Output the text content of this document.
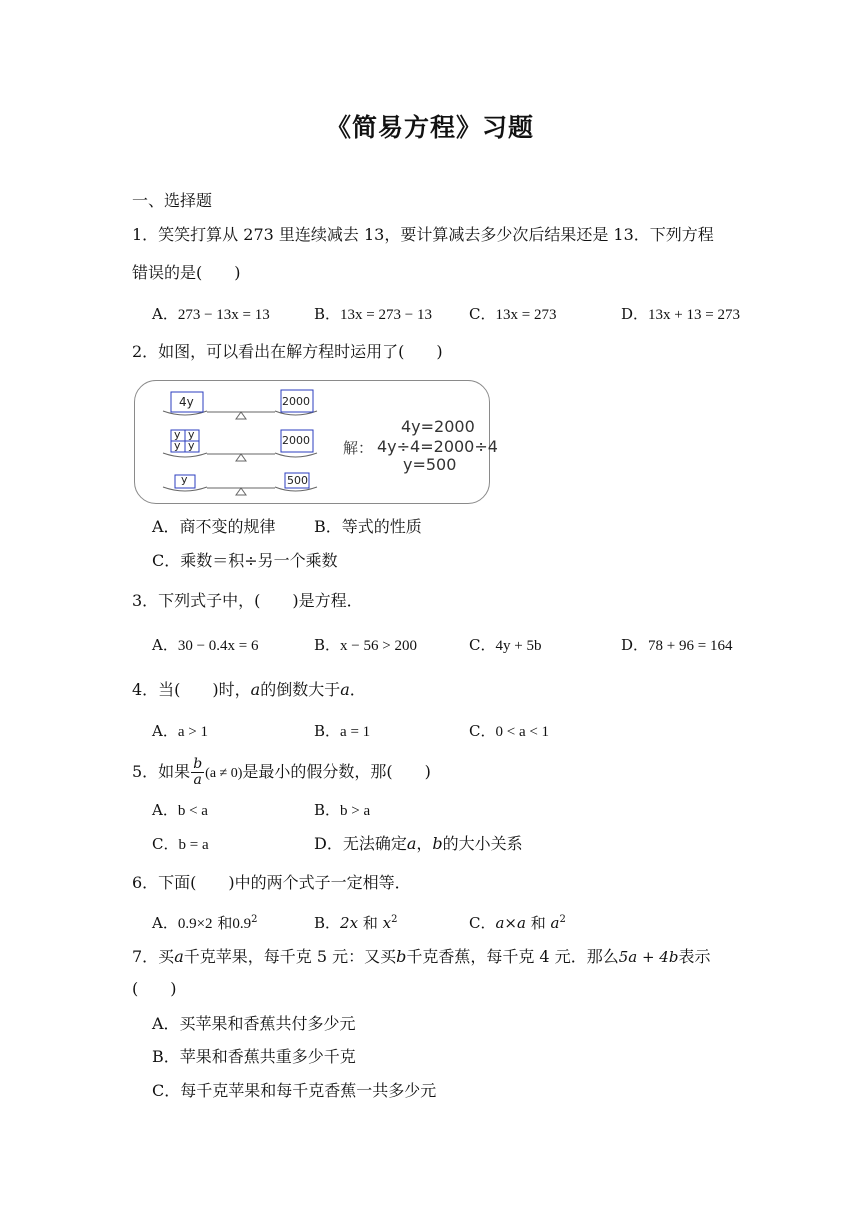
《简易方程》习题
一、选择题
1．笑笑打算从 273 里连续减去 13，要计算减去多少次后结果还是 13．下列方程
错误的是(　　)
A．273 − 13x = 13	B．13x = 273 − 13 C．13x = 273	D．13x + 13 = 273
2．如图，可以看出在解方程时运用了(　　)
4y	2000
y y
y y	2000
y	500
4y=2000
解： 4y÷4=2000÷4
y=500
A．商不变的规律 B．等式的性质
C．乘数＝积÷另一个乘数
3．下列式子中，(　　)是方程．
A．30 − 0.4x = 6	B．x − 56 > 200	C．4y + 5b	D．78 + 96 = 164
4．当(　　)时，a的倒数大于a．
A．a > 1	B．a = 1	C．0 < a < 1
5．如果 $\frac{b}{a} (a \ne 0)$是最小的假分数，那(　　)
A．b < a	B．b > a
C．b = a	D．无法确定a，b的大小关系
6．下面(　　)中的两个式子一定相等．
A．0.9×2 和$0.9^2$	B．2x 和 $x^2$	C．a×a 和 $a^2$
7．买a千克苹果，每千克 5 元：又买b千克香蕉，每千克 4 元．那么5a + 4b表示
(　　)
A．买苹果和香蕉共付多少元
B．苹果和香蕉共重多少千克
C．每千克苹果和每千克香蕉一共多少元
